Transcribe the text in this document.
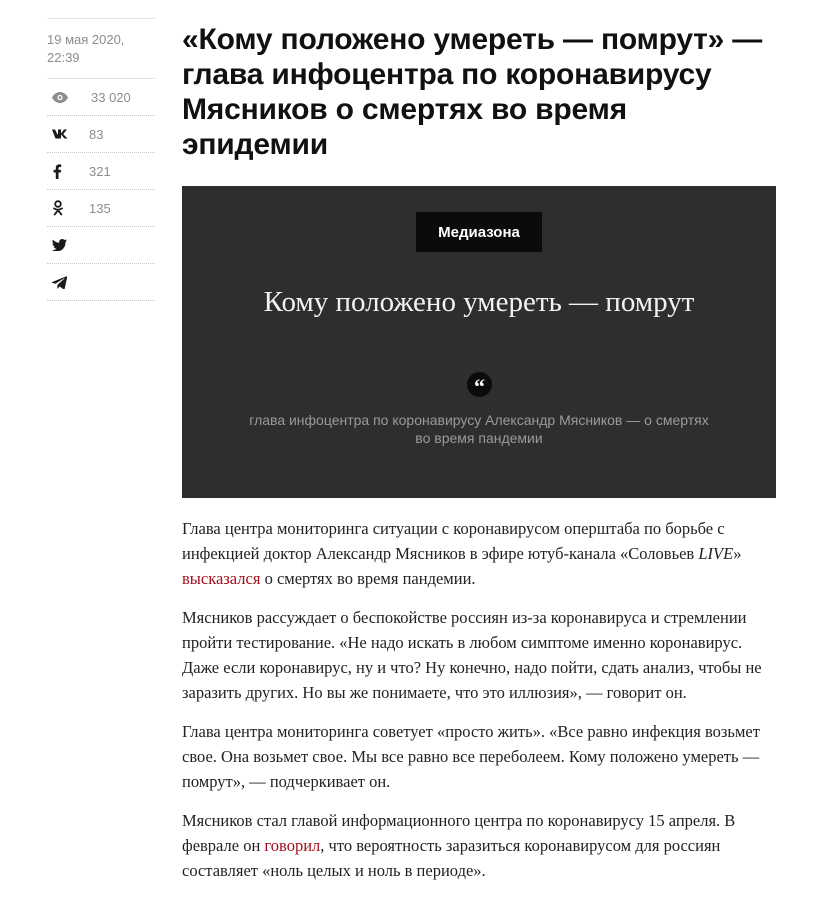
19 мая 2020,
22:39
33 020
83
321
135
«Кому положено умереть — помрут» — глава инфоцентра по коронавирусу Мясников о смертях во время эпидемии
Медиазона
Кому положено умереть — помрут
“
глава инфоцентра по коронавирусу Александр Мясников — о смертях во время пандемии

Глава центра мониторинга ситуации с коронавирусом оперштаба по борьбе с инфекцией доктор Александр Мясников в эфире ютуб-канала «Соловьев LIVE» высказался о смертях во время пандемии.

Мясников рассуждает о беспокойстве россиян из-за коронавируса и стремлении пройти тестирование. «Не надо искать в любом симптоме именно коронавирус. Даже если коронавирус, ну и что? Ну конечно, надо пойти, сдать анализ, чтобы не заразить других. Но вы же понимаете, что это иллюзия», — говорит он.

Глава центра мониторинга советует «просто жить». «Все равно инфекция возьмет свое. Она возьмет свое. Мы все равно все переболеем. Кому положено умереть — помрут», — подчеркивает он.

Мясников стал главой информационного центра по коронавирусу 15 апреля. В феврале он говорил, что вероятность заразиться коронавирусом для россиян составляет «ноль целых и ноль в периоде».
